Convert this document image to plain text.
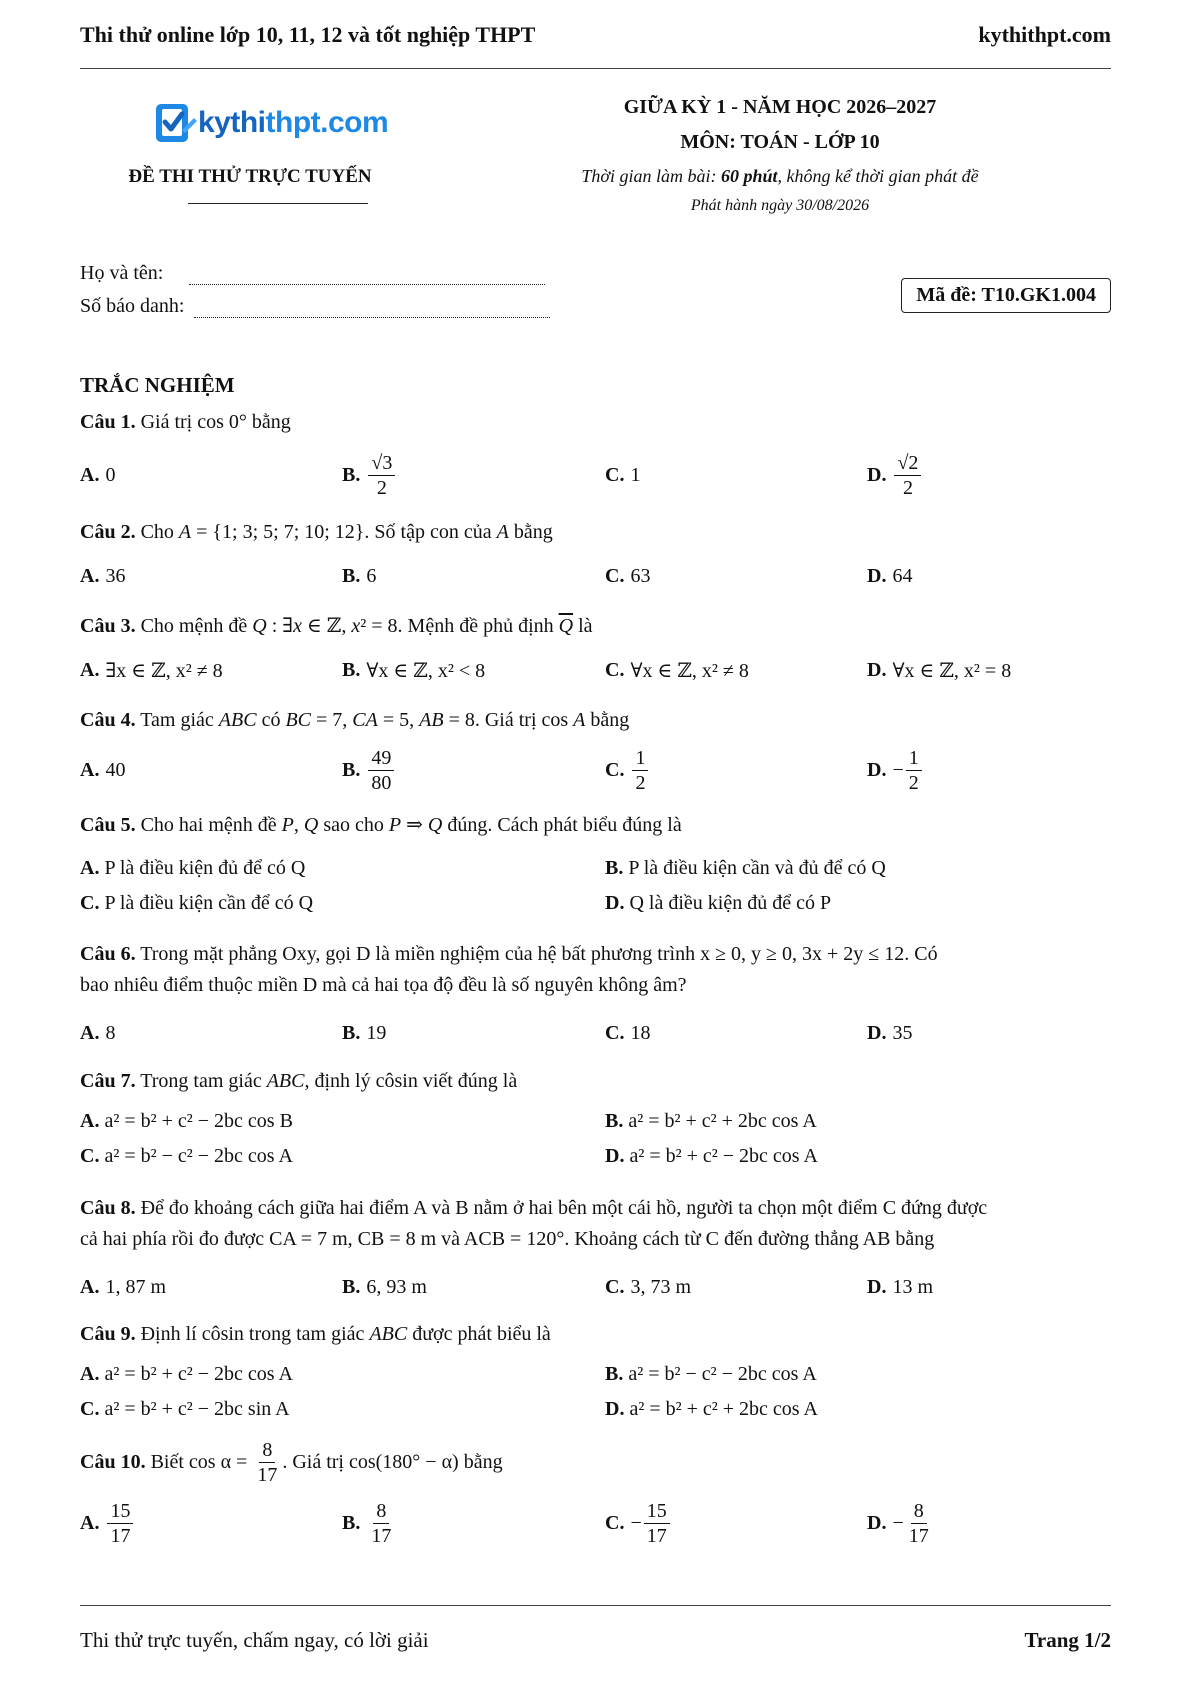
Thi thử online lớp 10, 11, 12 và tốt nghiệp THPT	kythithpt.com
kythithpt.com
ĐỀ THI THỬ TRỰC TUYẾN
GIỮA KỲ 1 - NĂM HỌC 2026–2027
MÔN: TOÁN - LỚP 10
Thời gian làm bài: 60 phút, không kể thời gian phát đề
Phát hành ngày 30/08/2026
Họ và tên:
Số báo danh:	Mã đề: T10.GK1.004
TRẮC NGHIỆM
Câu 1. Giá trị cos 0° bằng
A. 0	B. $\frac{√3}{2}$	C. 1	D. $\frac{√2}{2}$
Câu 2. Cho A = {1; 3; 5; 7; 10; 12}. Số tập con của A bằng
A. 36	B. 6	C. 63	D. 64
Câu 3. Cho mệnh đề Q : ∃x ∈ ℤ, x² = 8. Mệnh đề phủ định $\overline{Q}$ là
A. ∃x ∈ ℤ, x² ≠ 8	B. ∀x ∈ ℤ, x² < 8	C. ∀x ∈ ℤ, x² ≠ 8	D. ∀x ∈ ℤ, x² = 8
Câu 4. Tam giác ABC có BC = 7, CA = 5, AB = 8. Giá trị cos A bằng
A. 40	B. $\frac{49}{80}$	C. $\frac{1}{2}$	D. − $\frac{1}{2}$
Câu 5. Cho hai mệnh đề P, Q sao cho P ⇒ Q đúng. Cách phát biểu đúng là
A. P là điều kiện đủ để có Q	B. P là điều kiện cần và đủ để có Q
C. P là điều kiện cần để có Q	D. Q là điều kiện đủ để có P
Câu 6. Trong mặt phẳng Oxy, gọi D là miền nghiệm của hệ bất phương trình x ≥ 0, y ≥ 0, 3x + 2y ≤ 12. Có
bao nhiêu điểm thuộc miền D mà cả hai tọa độ đều là số nguyên không âm?
A. 8	B. 19	C. 18	D. 35
Câu 7. Trong tam giác ABC, định lý côsin viết đúng là
A. a² = b² + c² − 2bc cos B	B. a² = b² + c² + 2bc cos A
C. a² = b² − c² − 2bc cos A	D. a² = b² + c² − 2bc cos A
Câu 8. Để đo khoảng cách giữa hai điểm A và B nằm ở hai bên một cái hồ, người ta chọn một điểm C đứng được
cả hai phía rồi đo được CA = 7 m, CB = 8 m và ACB = 120°. Khoảng cách từ C đến đường thẳng AB bằng
A. 1, 87 m	B. 6, 93 m	C. 3, 73 m	D. 13 m
Câu 9. Định lí côsin trong tam giác ABC được phát biểu là
A. a² = b² + c² − 2bc cos A	B. a² = b² − c² − 2bc cos A
C. a² = b² + c² − 2bc sin A	D. a² = b² + c² + 2bc cos A
Câu 10.
Biết cos α =
$\frac{8}{17}$ . Giá trị cos(180° − α) bằng
A. $\frac{15}{17}$	B. $\frac{8}{17}$	C. − $\frac{15}{17}$	D. − $\frac{8}{17}$
Thi thử trực tuyến, chấm ngay, có lời giải	Trang 1/2
